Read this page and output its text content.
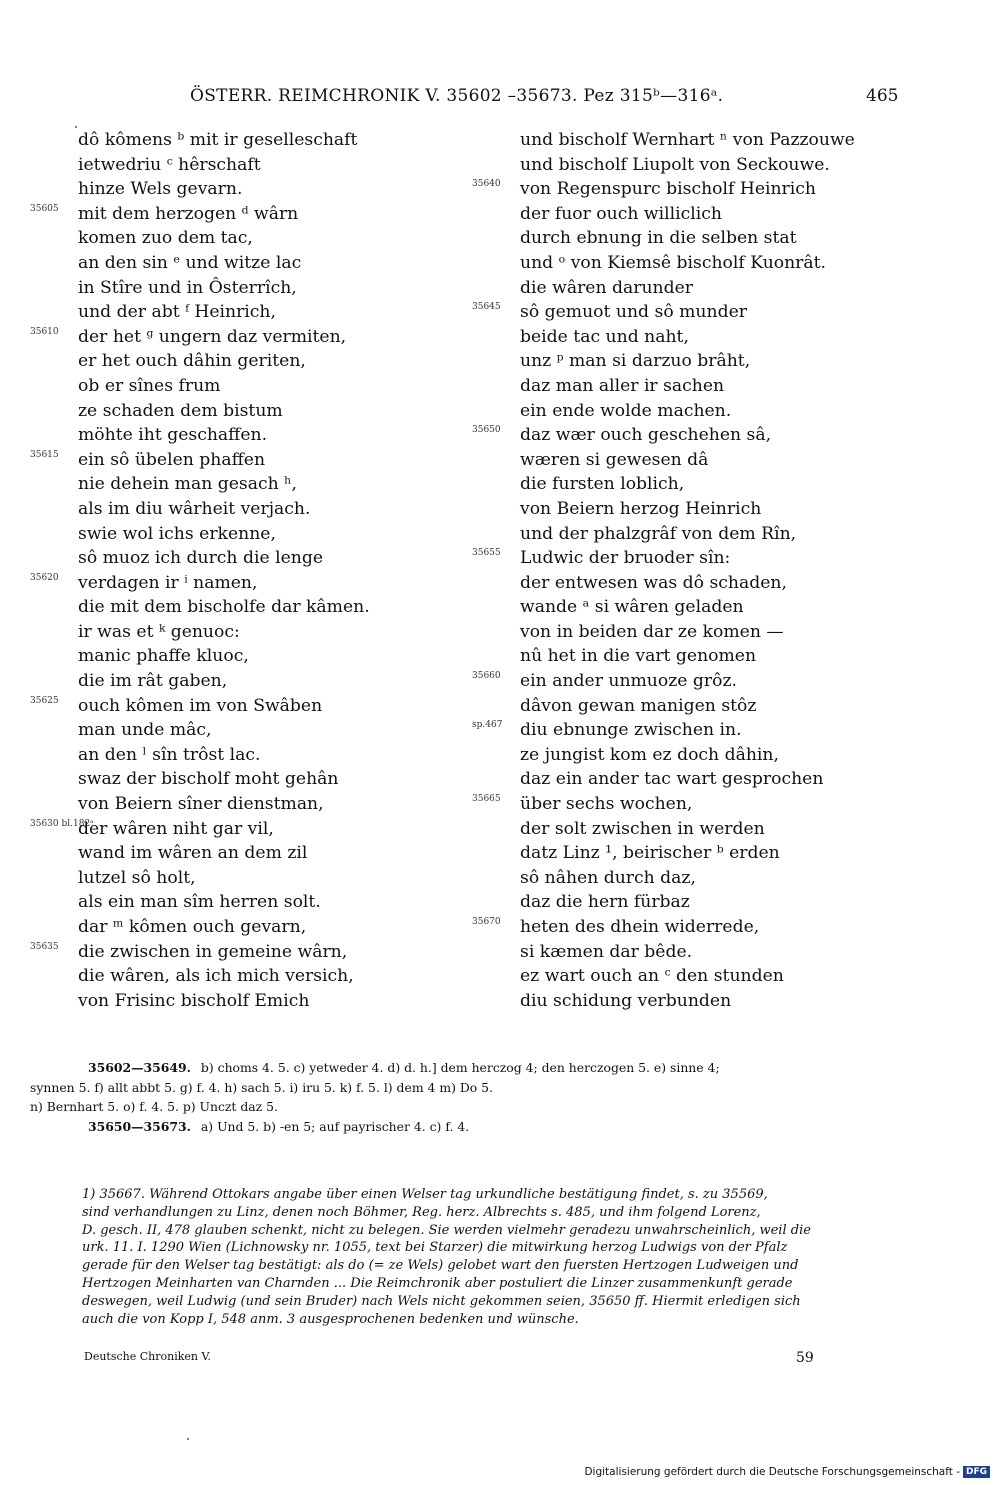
ÖSTERR. REIMCHRONIK V. 35602 –35673. Pez 315ᵇ—316ᵃ.	465
dô kômens ᵇ mit ir geselleschaft
ietwedriu ᶜ hêrschaft
hinze Wels gevarn.
35605	mit dem herzogen ᵈ wârn
komen zuo dem tac,
an den sin ᵉ und witze lac
in Stîre und in Ôsterrîch,
und der abt ᶠ Heinrich,
35610	der het ᵍ ungern daz vermiten,
er het ouch dâhin geriten,
ob er sînes frum
ze schaden dem bistum
möhte iht geschaffen.
35615	ein sô übelen phaffen
nie dehein man gesach ʰ,
als im diu wârheit verjach.
swie wol ichs erkenne,
sô muoz ich durch die lenge
35620	verdagen ir ⁱ namen,
die mit dem bischolfe dar kâmen.
ir was et ᵏ genuoc:
manic phaffe kluoc,
die im rât gaben,
35625	ouch kômen im von Swâben
man unde mâc,
an den ˡ sîn trôst lac.
swaz der bischolf moht gehân
von Beiern sîner dienstman,
35630 bl.182ᵃ
der wâren niht gar vil,
wand im wâren an dem zil
lutzel sô holt,
als ein man sîm herren solt.
dar ᵐ kômen ouch gevarn,
35635	die zwischen in gemeine wârn,
die wâren, als ich mich versich,
von Frisinc bischolf Emich
und bischolf Wernhart ⁿ von Pazzouwe
und bischolf Liupolt von Seckouwe.
35640	von Regenspurc bischolf Heinrich
der fuor ouch williclich
durch ebnung in die selben stat
und ᵒ von Kiemsê bischolf Kuonrât.
die wâren darunder
35645	sô gemuot und sô munder
beide tac und naht,
unz ᵖ man si darzuo brâht,
daz man aller ir sachen
ein ende wolde machen.
35650	daz wær ouch geschehen sâ,
wæren si gewesen dâ
die fursten loblich,
von Beiern herzog Heinrich
und der phalzgrâf von dem Rîn,
35655	Ludwic der bruoder sîn:
der entwesen was dô schaden,
wande ᵃ si wâren geladen
von in beiden dar ze komen —
nû het in die vart genomen
35660	ein ander unmuoze grôz.
dâvon gewan manigen stôz
sp.467	diu ebnunge zwischen in.
ze jungist kom ez doch dâhin,
daz ein ander tac wart gesprochen
35665	über sechs wochen,
der solt zwischen in werden
datz Linz ¹, beirischer ᵇ erden
sô nâhen durch daz,
daz die hern fürbaz
35670	heten des dhein widerrede,
si kæmen dar bêde.
ez wart ouch an ᶜ den stunden
diu schidung verbunden
35602—35649. b) choms 4. 5. c) yetweder 4. d) d. h.] dem herczog 4; den herczogen 5. e) sinne 4;
synnen 5. f) allt abbt 5. g) f. 4. h) sach 5. i) iru 5. k) f. 5. l) dem 4 m) Do 5.
n) Bernhart 5. o) f. 4. 5. p) Unczt daz 5.
35650—35673. a) Und 5. b) -en 5; auf payrischer 4. c) f. 4.
1) 35667. Während Ottokars angabe über einen Welser tag urkundliche bestätigung findet, s. zu 35569,
sind verhandlungen zu Linz, denen noch Böhmer, Reg. herz. Albrechts s. 485, und ihm folgend Lorenz,
D. gesch. II, 478 glauben schenkt, nicht zu belegen. Sie werden vielmehr geradezu unwahrscheinlich, weil die
urk. 11. I. 1290 Wien (Lichnowsky nr. 1055, text bei Starzer) die mitwirkung herzog Ludwigs von der Pfalz
gerade für den Welser tag bestätigt: als do (= ze Wels) gelobet wart den fuersten Hertzogen Ludweigen und
Hertzogen Meinharten van Charnden ... Die Reimchronik aber postuliert die Linzer zusammenkunft gerade
deswegen, weil Ludwig (und sein Bruder) nach Wels nicht gekommen seien, 35650 ff. Hiermit erledigen sich
auch die von Kopp I, 548 anm. 3 ausgesprochenen bedenken und wünsche.
Deutsche Chroniken V.	59
Digitalisierung gefördert durch die Deutsche Forschungsgemeinschaft - DFG
